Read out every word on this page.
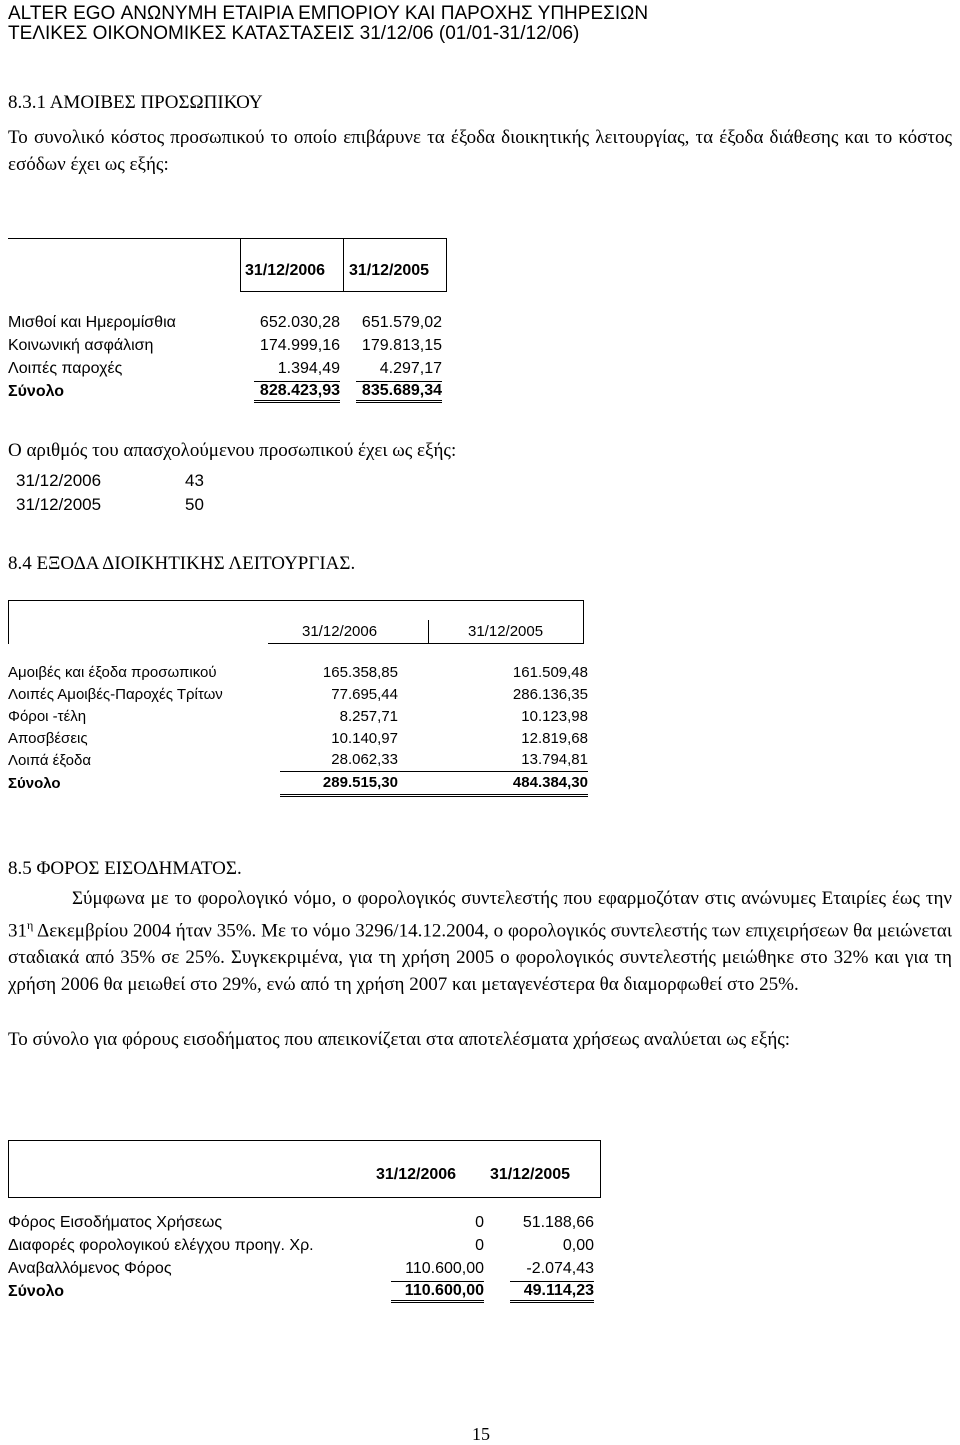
ALTER EGO ΑΝΩΝΥΜΗ ΕΤΑΙΡΙΑ ΕΜΠΟΡΙΟΥ ΚΑΙ ΠΑΡΟΧΗΣ ΥΠΗΡΕΣΙΩΝ
ΤΕΛΙΚΕΣ ΟΙΚΟΝΟΜΙΚΕΣ ΚΑΤΑΣΤΑΣΕΙΣ 31/12/06 (01/01-31/12/06)
8.3.1 ΑΜΟΙΒΕΣ ΠΡΟΣΩΠΙΚΟΥ
Το συνολικό κόστος προσωπικού το οποίο επιβάρυνε τα έξοδα διοικητικής λειτουργίας, τα έξοδα διάθεσης και το κόστος εσόδων έχει ως εξής:
31/12/2006 31/12/2005
Μισθοί και Ημερομίσθια	652.030,28	651.579,02
Κοινωνική ασφάλιση	174.999,16	179.813,15
Λοιπές παροχές	1.394,49	4.297,17
Σύνολο	828.423,93	835.689,34
Ο αριθμός του απασχολούμενου προσωπικού έχει ως εξής:
31/12/2006	43
31/12/2005	50
8.4 ΕΞΟΔΑ ΔΙΟΙΚΗΤΙΚΗΣ ΛΕΙΤΟΥΡΓΙΑΣ.
31/12/2006	31/12/2005
Αμοιβές και έξοδα προσωπικού	165.358,85	161.509,48
Λοιπές Αμοιβές-Παροχές Τρίτων	77.695,44	286.136,35
Φόροι -τέλη	8.257,71	10.123,98
Αποσβέσεις	10.140,97	12.819,68
Λοιπά έξοδα	28.062,33	13.794,81
Σύνολο	289.515,30	484.384,30
8.5 ΦΟΡΟΣ ΕΙΣΟΔΗΜΑΤΟΣ.
Σύμφωνα με το φορολογικό νόμο, ο φορολογικός συντελεστής που εφαρμοζόταν στις ανώνυμες Εταιρίες έως την $31^\eta$ Δεκεμβρίου 2004 ήταν 35%. Με το νόμο 3296/14.12.2004, ο φορολογικός συντελεστής των επιχειρήσεων θα μειώνεται σταδιακά από 35% σε 25%. Συγκεκριμένα, για τη χρήση 2005 ο φορολογικός συντελεστής μειώθηκε στο 32% και για τη χρήση 2006 θα μειωθεί στο 29%, ενώ από τη χρήση 2007 και μεταγενέστερα θα διαμορφωθεί στο 25%.
Το σύνολο για φόρους εισοδήματος που απεικονίζεται στα αποτελέσματα χρήσεως αναλύεται ως εξής:
31/12/2006 31/12/2005
Φόρος Εισοδήματος Χρήσεως	0	51.188,66
Διαφορές φορολογικού ελέγχου προηγ. Χρ.	0	0,00
Αναβαλλόμενος Φόρος	110.600,00	-2.074,43
Σύνολο	110.600,00	49.114,23
15
